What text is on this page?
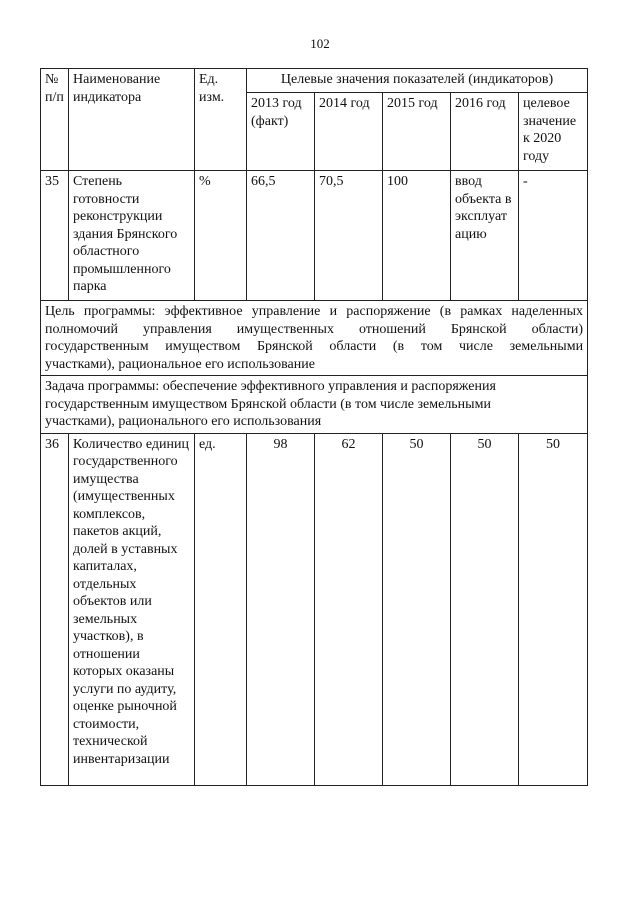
102
№ п/п	Наименование индикатора	Ед. изм.	Целевые значения показателей (индикаторов)				
			2013 год (факт)	2014 год	2015 год	2016 год	целевое значение к 2020 году
35	Степень готовности реконструкции здания Брянского областного промышленного парка	%	66,5	70,5	100	ввод объекта в эксплуат ацию	-

Цель программы: эффективное управление и распоряжение (в рамках наделенных
полномочий управления имущественных отношений Брянской области)
государственным имуществом Брянской области (в том числе земельными
участками), рациональное его использование							

Задача программы: обеспечение эффективного управления и распоряжения
государственным имуществом Брянской области (в том числе земельными
участками), рационального его использования							

36	Количество единиц государственного имущества (имущественных комплексов, пакетов акций, долей в уставных капиталах, отдельных объектов или земельных участков), в отношении которых оказаны услуги по аудиту, оценке рыночной стоимости, технической инвентаризации	ед.	98	62	50	50	50
